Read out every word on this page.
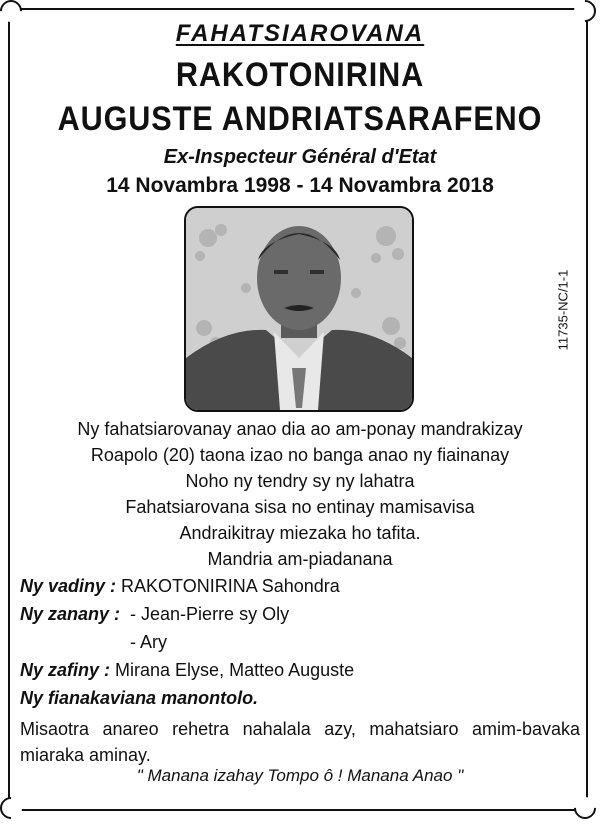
FAHATSIAROVANA
RAKOTONIRINA
AUGUSTE ANDRIATSARAFENO
Ex-Inspecteur Général d'Etat
14 Novambra 1998 - 14 Novambra 2018
11735-NC/1-1
Ny fahatsiarovanay anao dia ao am-ponay mandrakizay
Roapolo (20) taona izao no banga anao ny fiainanay
Noho ny tendry sy ny lahatra
Fahatsiarovana sisa no entinay mamisavisa
Andraikitray miezaka ho tafita.
Mandria am-piadanana
Ny vadiny : RAKOTONIRINA Sahondra
Ny zanany :  - Jean-Pierre sy Oly
- Ary
Ny zafiny : Mirana Elyse, Matteo Auguste
Ny fianakaviana manontolo.
Misaotra anareo rehetra nahalala azy, mahatsiaro amim-bavaka miaraka aminay.
" Manana izahay Tompo ô ! Manana Anao "
